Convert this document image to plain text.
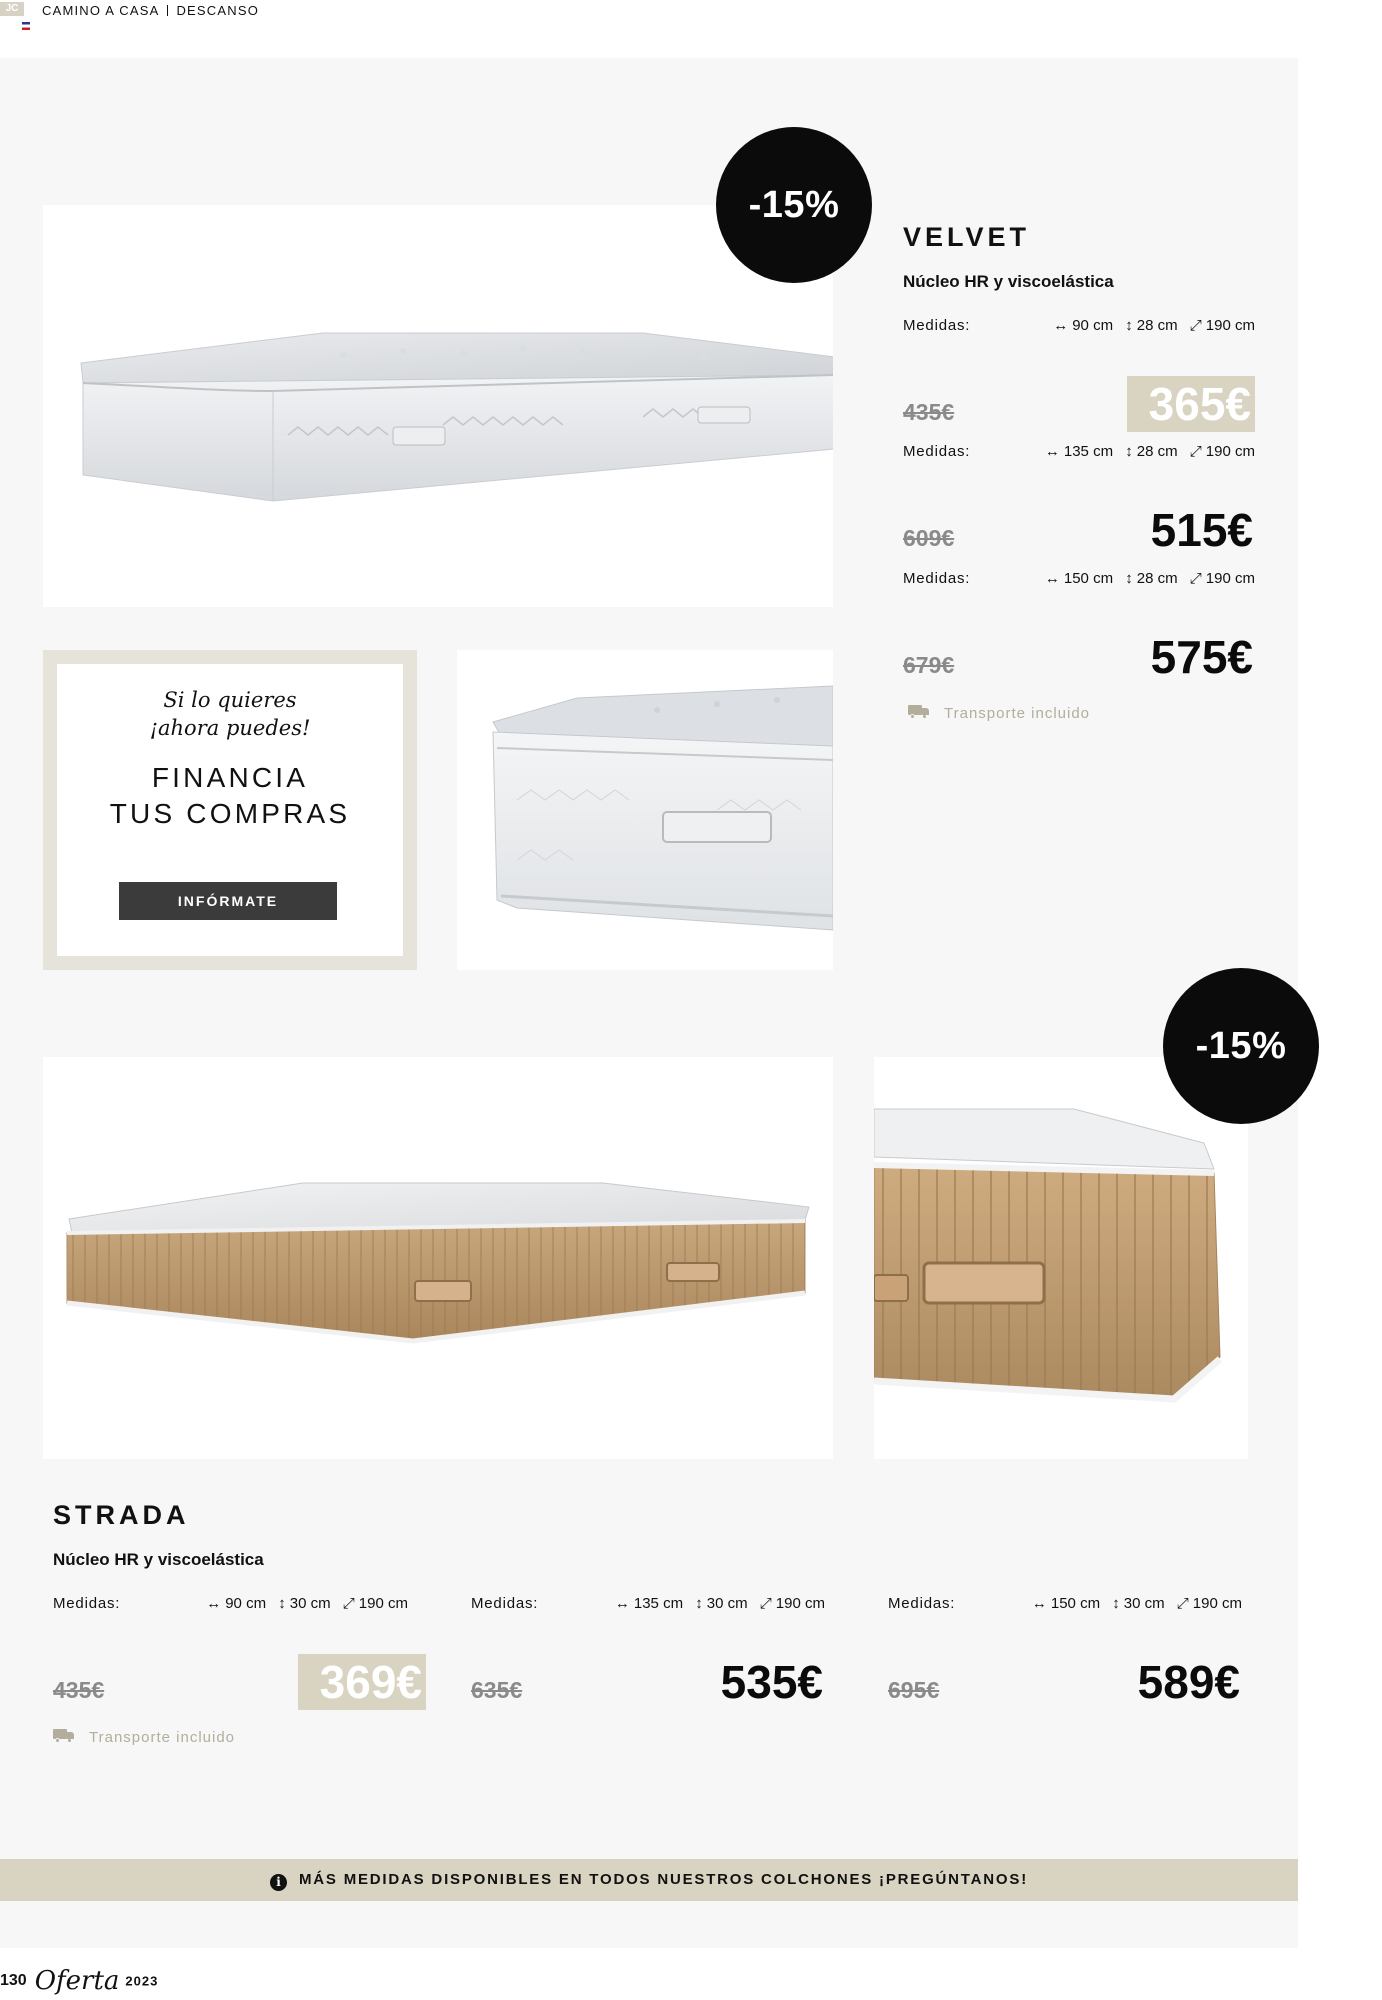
JC	CAMINO A CASA DESCANSO
-15%
VELVET
Núcleo HR y viscoelástica
Medidas:	↔ 90 cm ↕ 28 cm ⤢ 190 cm
435€	365€
Medidas:	↔ 135 cm ↕ 28 cm ⤢ 190 cm
609€	515€
Medidas:	↔ 150 cm ↕ 28 cm ⤢ 190 cm
679€	575€
Transporte incluido
Si lo quieres
¡ahora puedes!
FINANCIA
TUS COMPRAS
INFÓRMATE
-15%
STRADA
Núcleo HR y viscoelástica
Medidas:	↔ 90 cm ↕ 30 cm ⤢ 190 cm
435€	369€
Medidas:	↔ 135 cm ↕ 30 cm ⤢ 190 cm
635€	535€
Medidas:	↔ 150 cm ↕ 30 cm ⤢ 190 cm
695€	589€
Transporte incluido
i MÁS MEDIDAS DISPONIBLES EN TODOS NUESTROS COLCHONES ¡PREGÚNTANOS!
130 Oferta 2023
